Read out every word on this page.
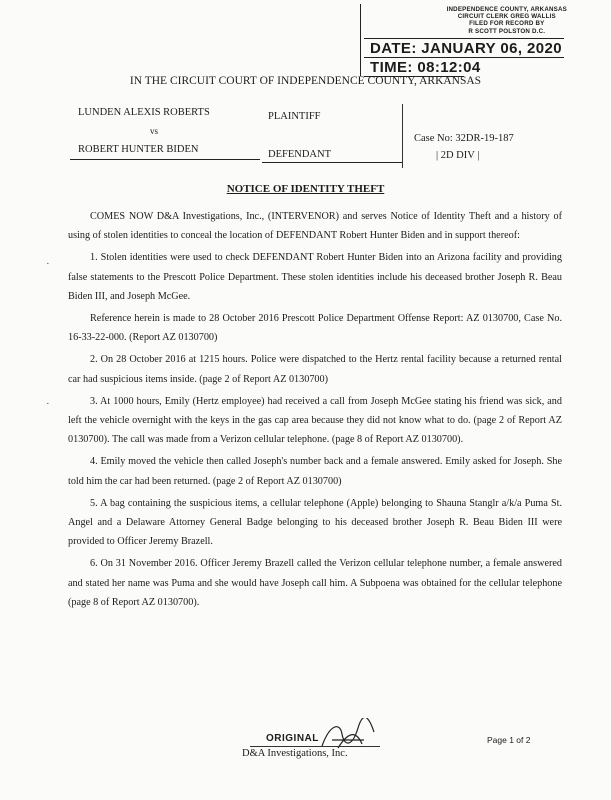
INDEPENDENCE COUNTY, ARKANSAS
CIRCUIT CLERK GREG WALLIS
FILED FOR RECORD BY
R SCOTT POLSTON D.C.
DATE: JANUARY 06, 2020
TIME: 08:12:04
IN THE CIRCUIT COURT OF INDEPENDENCE COUNTY, ARKANSAS
LUNDEN ALEXIS ROBERTS	PLAINTIFF
vs
ROBERT HUNTER BIDEN	DEFENDANT
Case No: 32DR-19-187
| 2D DIV |
NOTICE OF IDENTITY THEFT
·
·

COMES NOW D&A Investigations, Inc., (INTERVENOR) and serves Notice of Identity Theft and a history of using of stolen identities to conceal the location of DEFENDANT Robert Hunter Biden and in support thereof:

1. Stolen identities were used to check DEFENDANT Robert Hunter Biden into an Arizona facility and providing false statements to the Prescott Police Department. These stolen identities include his deceased brother Joseph R. Beau Biden III, and Joseph McGee.

Reference herein is made to 28 October 2016 Prescott Police Department Offense Report: AZ 0130700, Case No. 16-33-22-000. (Report AZ 0130700)

2. On 28 October 2016 at 1215 hours. Police were dispatched to the Hertz rental facility because a returned rental car had suspicious items inside. (page 2 of Report AZ 0130700)

3. At 1000 hours, Emily (Hertz employee) had received a call from Joseph McGee stating his friend was sick, and left the vehicle overnight with the keys in the gas cap area because they did not know what to do. (page 2 of Report AZ 0130700). The call was made from a Verizon cellular telephone. (page 8 of Report AZ 0130700).

4. Emily moved the vehicle then called Joseph's number back and a female answered. Emily asked for Joseph. She told him the car had been returned. (page 2 of Report AZ 0130700)

5. A bag containing the suspicious items, a cellular telephone (Apple) belonging to Shauna Stanglr a/k/a Puma St. Angel and a Delaware Attorney General Badge belonging to his deceased brother Joseph R. Beau Biden III were provided to Officer Jeremy Brazell.

6. On 31 November 2016. Officer Jeremy Brazell called the Verizon cellular telephone number, a female answered and stated her name was Puma and she would have Joseph call him. A Subpoena was obtained for the cellular telephone (page 8 of Report AZ 0130700).

Page 1 of 2
ORIGINAL
D&A Investigations, Inc.
